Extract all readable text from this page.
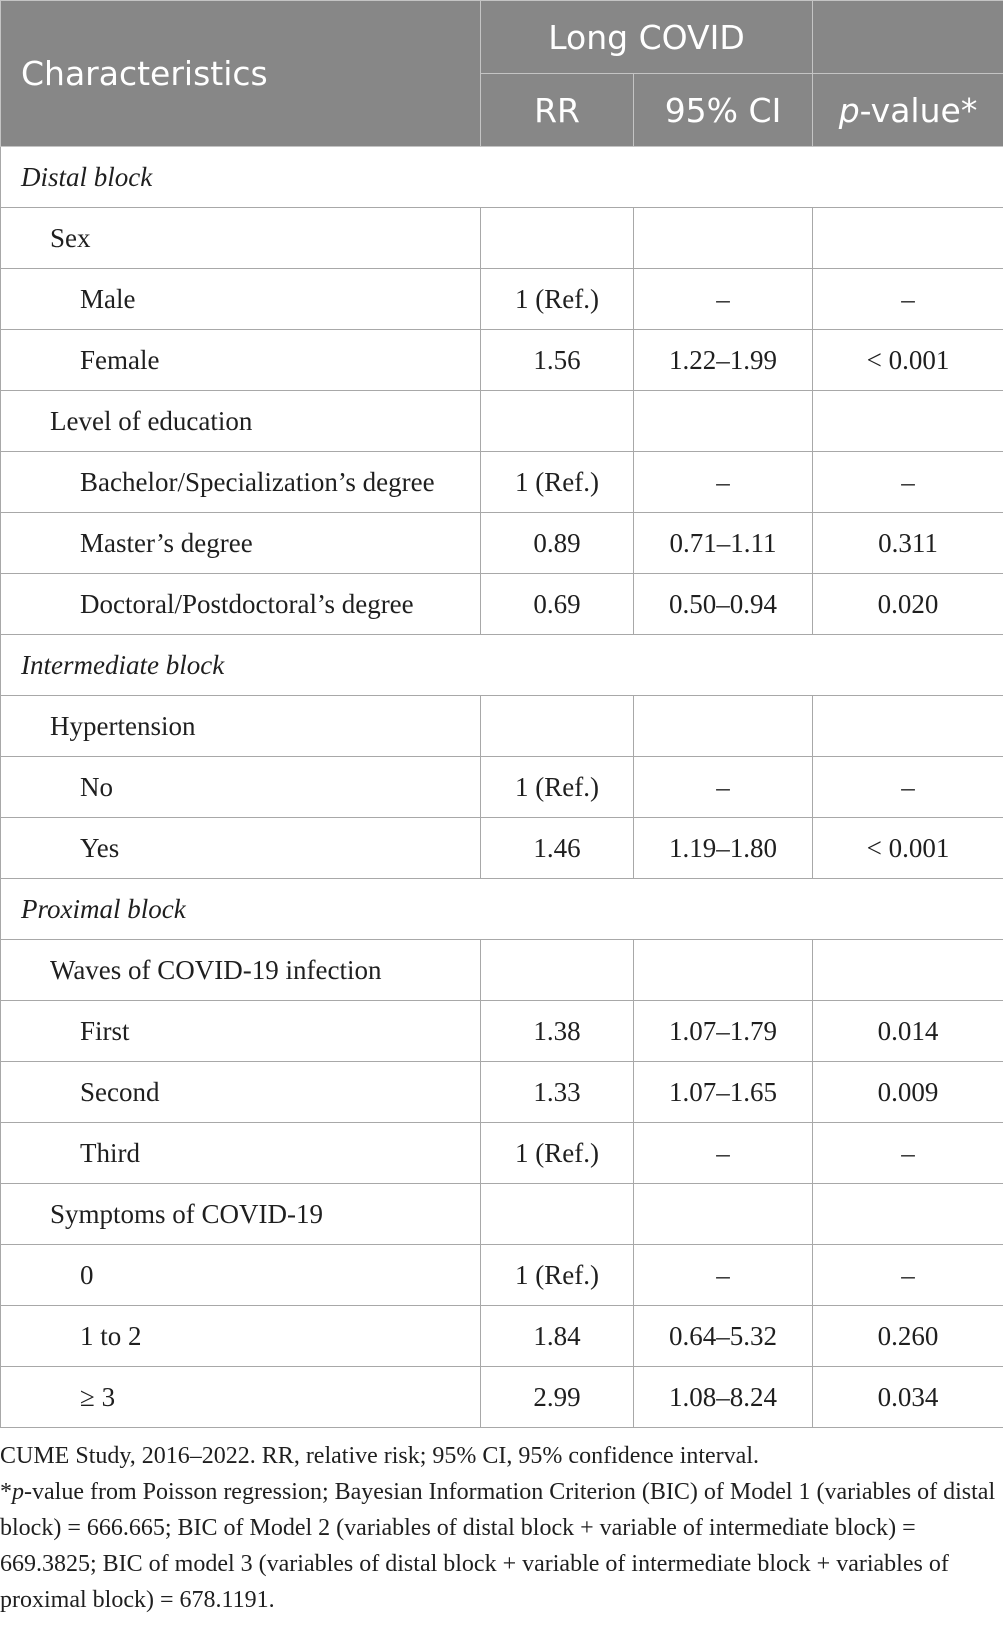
Characteristics	Long COVID		
	RR	95% CI	p-value*
Distal block			
Sex			
Male	1 (Ref.)	–	–
Female	1.56	1.22–1.99	< 0.001
Level of education			
Bachelor/Specialization’s degree	1 (Ref.)	–	–
Master’s degree	0.89	0.71–1.11	0.311
Doctoral/Postdoctoral’s degree	0.69	0.50–0.94	0.020
Intermediate block			
Hypertension			
No	1 (Ref.)	–	–
Yes	1.46	1.19–1.80	< 0.001
Proximal block			
Waves of COVID-19 infection			
First	1.38	1.07–1.79	0.014
Second	1.33	1.07–1.65	0.009
Third	1 (Ref.)	–	–
Symptoms of COVID-19			
0	1 (Ref.)	–	–
1 to 2	1.84	0.64–5.32	0.260
≥ 3	2.99	1.08–8.24	0.034

CUME Study, 2016–2022. RR, relative risk; 95% CI, 95% confidence interval.

*p-value from Poisson regression; Bayesian Information Criterion (BIC) of Model 1 (variables of distal block) = 666.665; BIC of Model 2 (variables of distal block + variable of intermediate block) = 669.3825; BIC of model 3 (variables of distal block + variable of intermediate block + variables of proximal block) = 678.1191.
